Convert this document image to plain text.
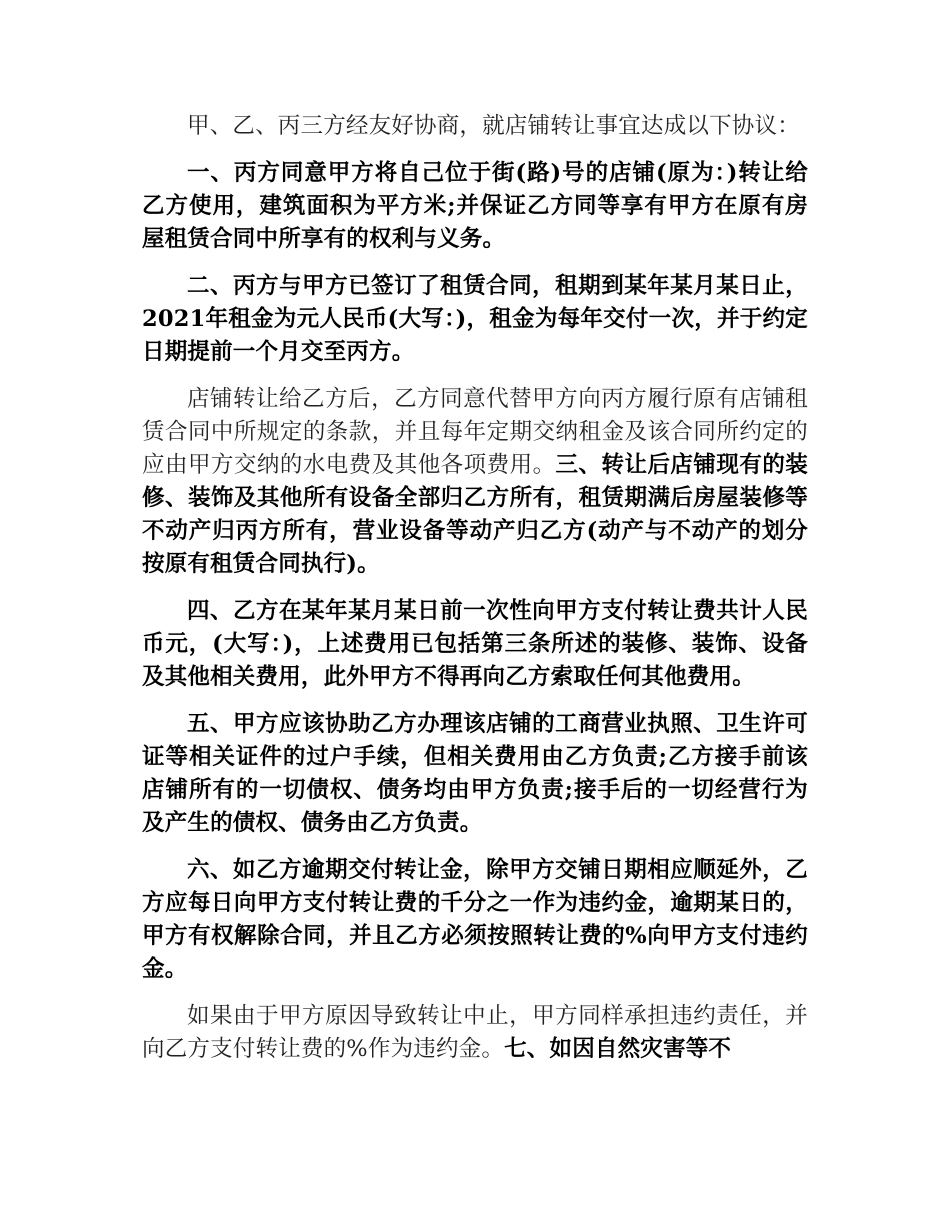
甲、乙、丙三方经友好协商，就店铺转让事宜达成以下协议：

一、丙方同意甲方将自己位于街(路)号的店铺(原为：)转让给乙方使用，建筑面积为平方米;并保证乙方同等享有甲方在原有房屋租赁合同中所享有的权利与义务。

二、丙方与甲方已签订了租赁合同，租期到某年某月某日止，2021年租金为元人民币(大写：)，租金为每年交付一次，并于约定日期提前一个月交至丙方。

店铺转让给乙方后，乙方同意代替甲方向丙方履行原有店铺租赁合同中所规定的条款，并且每年定期交纳租金及该合同所约定的应由甲方交纳的水电费及其他各项费用。三、转让后店铺现有的装修、装饰及其他所有设备全部归乙方所有，租赁期满后房屋装修等不动产归丙方所有，营业设备等动产归乙方(动产与不动产的划分按原有租赁合同执行)。

四、乙方在某年某月某日前一次性向甲方支付转让费共计人民币元，(大写：)，上述费用已包括第三条所述的装修、装饰、设备及其他相关费用，此外甲方不得再向乙方索取任何其他费用。

五、甲方应该协助乙方办理该店铺的工商营业执照、卫生许可证等相关证件的过户手续，但相关费用由乙方负责;乙方接手前该店铺所有的一切债权、债务均由甲方负责;接手后的一切经营行为及产生的债权、债务由乙方负责。

六、如乙方逾期交付转让金，除甲方交铺日期相应顺延外，乙方应每日向甲方支付转让费的千分之一作为违约金，逾期某日的，甲方有权解除合同，并且乙方必须按照转让费的%向甲方支付违约金。

如果由于甲方原因导致转让中止，甲方同样承担违约责任，并向乙方支付转让费的%作为违约金。七、如因自然灾害等不
